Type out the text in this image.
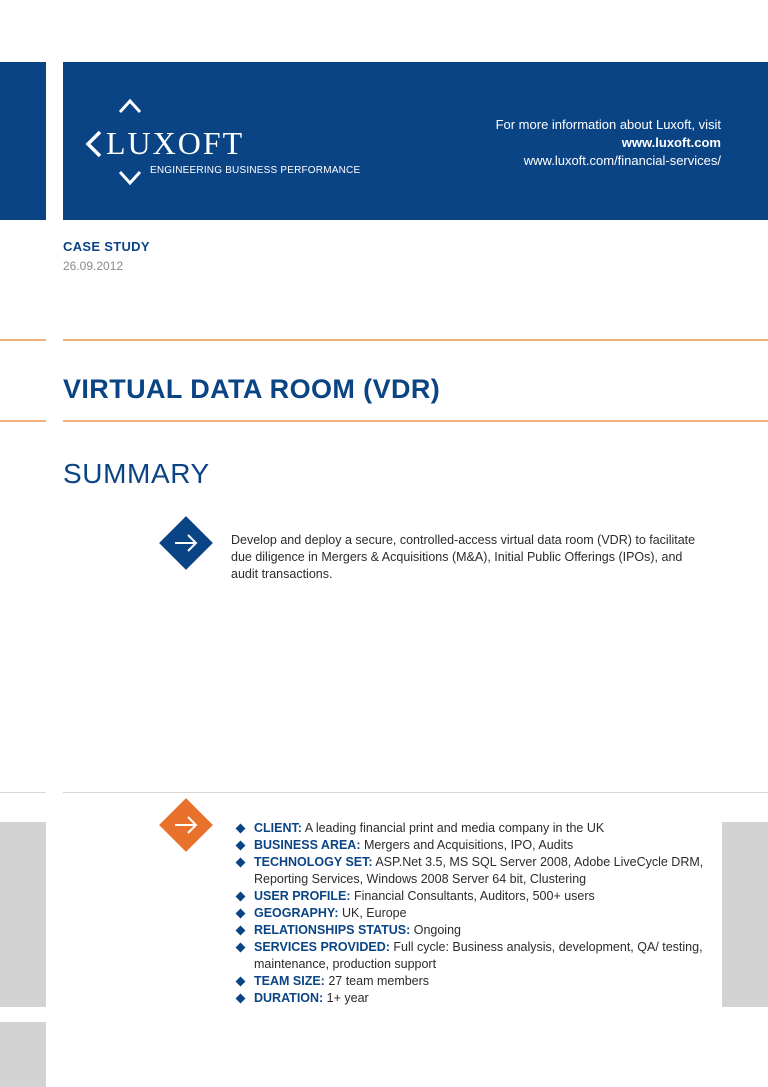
LUXOFT
ENGINEERING BUSINESS PERFORMANCE
For more information about Luxoft, visit
www.luxoft.com
www.luxoft.com/financial-services/
CASE STUDY
26.09.2012
VIRTUAL DATA ROOM (VDR)
SUMMARY
Develop and deploy a secure, controlled-access virtual data room (VDR) to facilitate due diligence in Mergers & Acquisitions (M&A), Initial Public Offerings (IPOs), and audit transactions.
CLIENT: A leading financial print and media company in the UK
BUSINESS AREA: Mergers and Acquisitions, IPO, Audits
TECHNOLOGY SET: ASP.Net 3.5, MS SQL Server 2008, Adobe LiveCycle DRM, Reporting Services, Windows 2008 Server 64 bit, Clustering
USER PROFILE: Financial Consultants, Auditors, 500+ users
GEOGRAPHY: UK, Europe
RELATIONSHIPS STATUS: Ongoing
SERVICES PROVIDED: Full cycle: Business analysis, development, QA/ testing, maintenance, production support
TEAM SIZE: 27 team members
DURATION: 1+ year
